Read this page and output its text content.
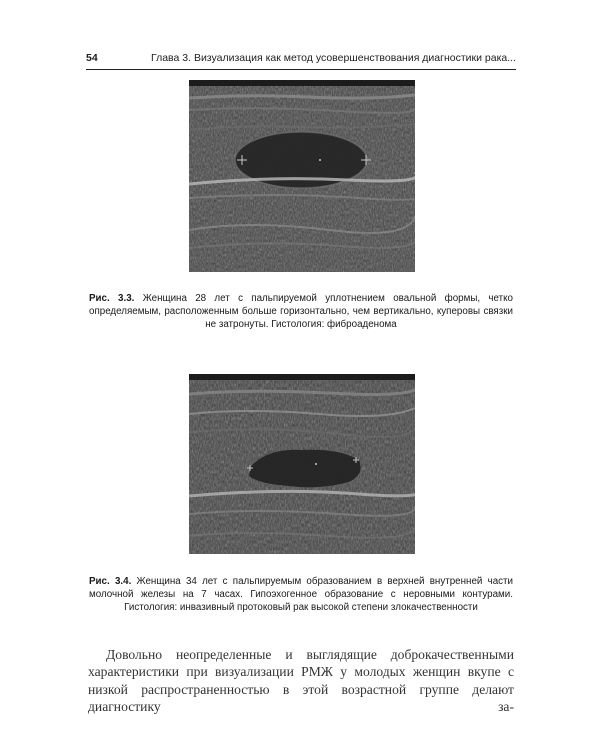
54	Глава 3. Визуализация как метод усовершенствования диагностики рака...
Рис. 3.3. Женщина 28 лет с пальпируемой уплотнением овальной формы, четко определяемым, расположенным больше горизонтально, чем вертикально, куперовы связки не затронуты. Гистология: фиброаденома
Рис. 3.4. Женщина 34 лет с пальпируемым образованием в верхней внутренней части молочной железы на 7 часах. Гипоэхогенное образование с неровными контурами. Гистология: инвазивный протоковый рак высокой степени злокачественности

Довольно неопределенные и выглядящие доброкачественными характеристики при визуализации РМЖ у молодых женщин вкупе с низкой распространенностью в этой возрастной группе делают диагностику за-
